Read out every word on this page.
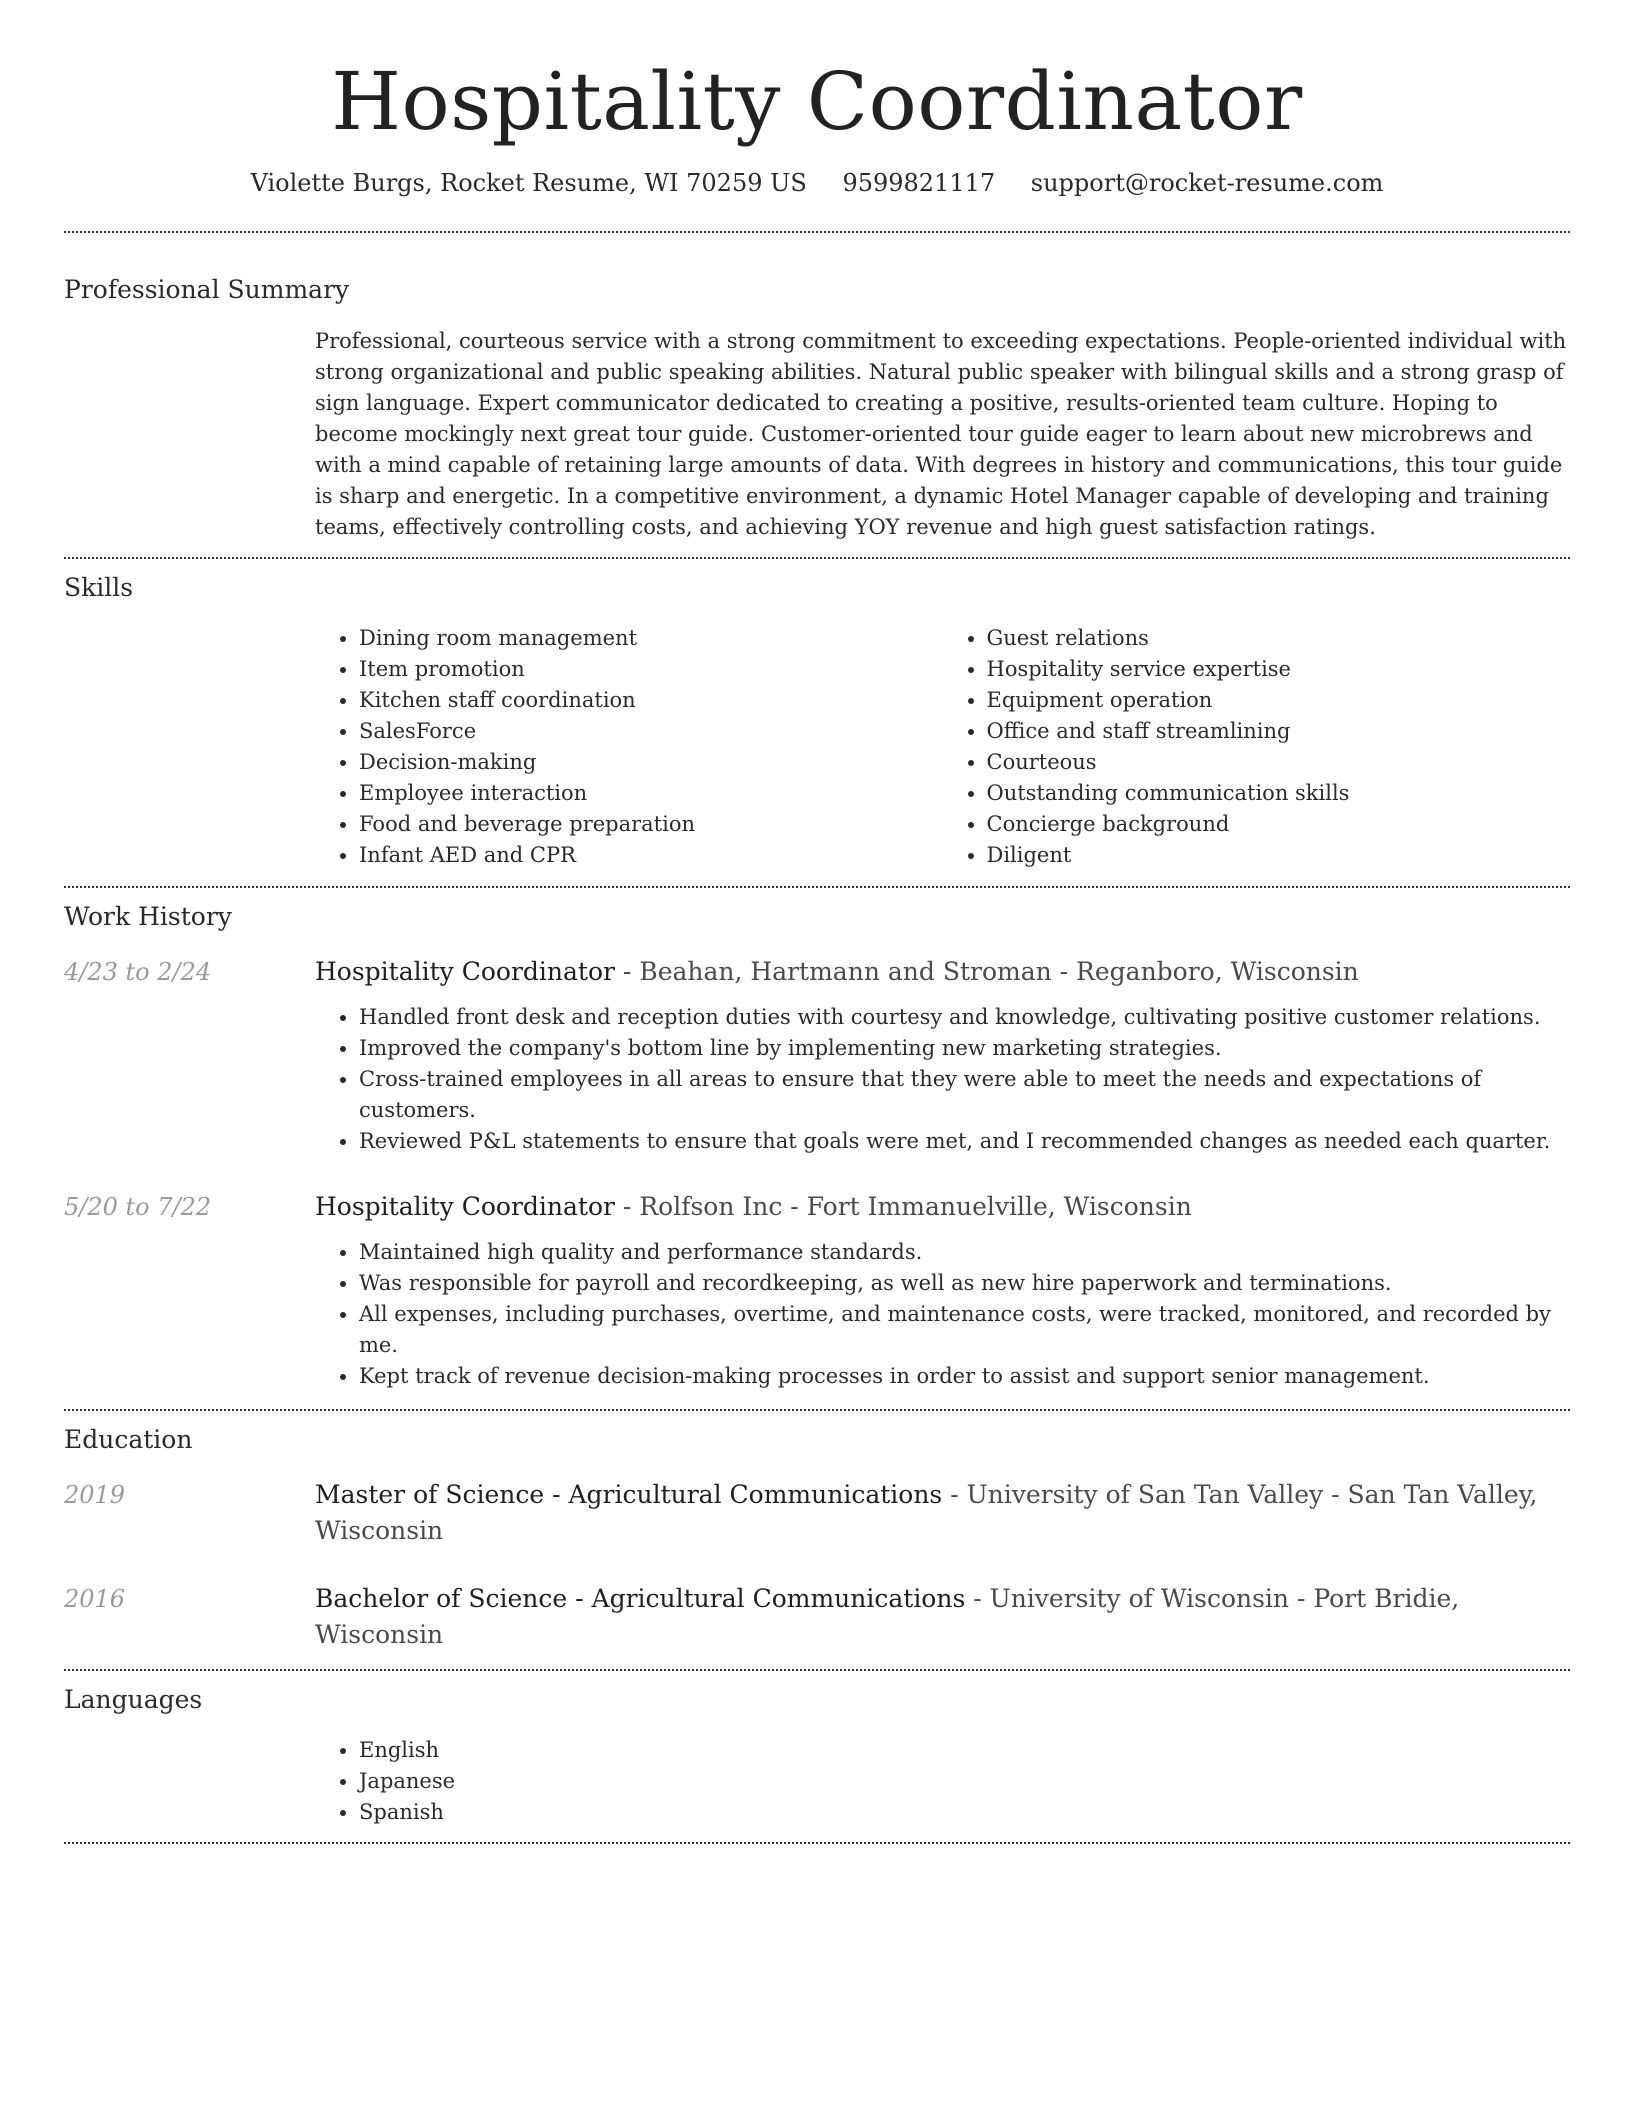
Hospitality Coordinator
Violette Burgs, Rocket Resume, WI 70259 US 9599821117 support@rocket-resume.com
Professional Summary

Professional, courteous service with a strong commitment to exceeding expectations. People-oriented individual with strong organizational and public speaking abilities. Natural public speaker with bilingual skills and a strong grasp of sign language. Expert communicator dedicated to creating a positive, results-oriented team culture. Hoping to become mockingly next great tour guide. Customer-oriented tour guide eager to learn about new microbrews and with a mind capable of retaining large amounts of data. With degrees in history and communications, this tour guide is sharp and energetic. In a competitive environment, a dynamic Hotel Manager capable of developing and training teams, effectively controlling costs, and achieving YOY revenue and high guest satisfaction ratings.

Skills
• Dining room management
• Item promotion
• Kitchen staff coordination
• SalesForce
• Decision-making
• Employee interaction
• Food and beverage preparation
• Infant AED and CPR
• Guest relations
• Hospitality service expertise
• Equipment operation
• Office and staff streamlining
• Courteous
• Outstanding communication skills
• Concierge background
• Diligent
Work History
4/23 to 2/24	Hospitality Coordinator - Beahan, Hartmann and Stroman - Reganboro, Wisconsin
• Handled front desk and reception duties with courtesy and knowledge, cultivating positive customer relations.
• Improved the company's bottom line by implementing new marketing strategies.
• Cross-trained employees in all areas to ensure that they were able to meet the needs and expectations of customers.
• Reviewed P&L statements to ensure that goals were met, and I recommended changes as needed each quarter.
5/20 to 7/22	Hospitality Coordinator - Rolfson Inc - Fort Immanuelville, Wisconsin
• Maintained high quality and performance standards.
• Was responsible for payroll and recordkeeping, as well as new hire paperwork and terminations.
• All expenses, including purchases, overtime, and maintenance costs, were tracked, monitored, and recorded by me.
• Kept track of revenue decision-making processes in order to assist and support senior management.
Education
2019	Master of Science - Agricultural Communications - University of San Tan Valley - San Tan Valley, Wisconsin
2016	Bachelor of Science - Agricultural Communications - University of Wisconsin - Port Bridie, Wisconsin
Languages
• English
• Japanese
• Spanish
